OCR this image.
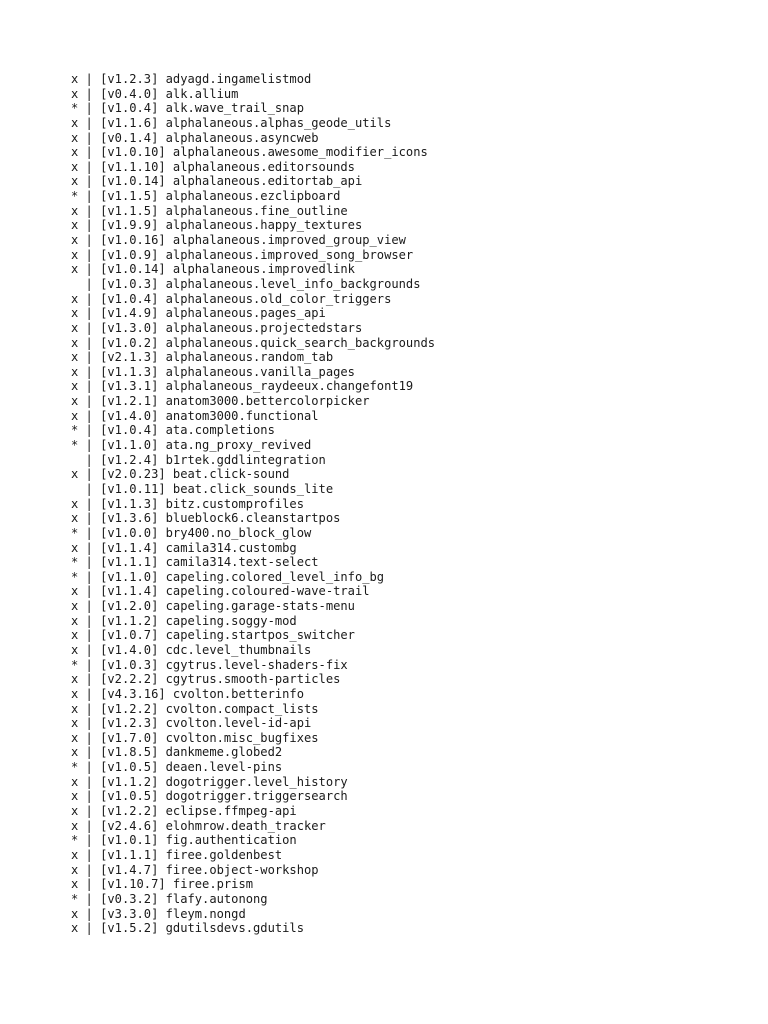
x | [v1.2.3] adyagd.ingamelistmod
x | [v0.4.0] alk.allium
* | [v1.0.4] alk.wave_trail_snap
x | [v1.1.6] alphalaneous.alphas_geode_utils
x | [v0.1.4] alphalaneous.asyncweb
x | [v1.0.10] alphalaneous.awesome_modifier_icons
x | [v1.1.10] alphalaneous.editorsounds
x | [v1.0.14] alphalaneous.editortab_api
* | [v1.1.5] alphalaneous.ezclipboard
x | [v1.1.5] alphalaneous.fine_outline
x | [v1.9.9] alphalaneous.happy_textures
x | [v1.0.16] alphalaneous.improved_group_view
x | [v1.0.9] alphalaneous.improved_song_browser
x | [v1.0.14] alphalaneous.improvedlink
| [v1.0.3] alphalaneous.level_info_backgrounds
x | [v1.0.4] alphalaneous.old_color_triggers
x | [v1.4.9] alphalaneous.pages_api
x | [v1.3.0] alphalaneous.projectedstars
x | [v1.0.2] alphalaneous.quick_search_backgrounds
x | [v2.1.3] alphalaneous.random_tab
x | [v1.1.3] alphalaneous.vanilla_pages
x | [v1.3.1] alphalaneous_raydeeux.changefont19
x | [v1.2.1] anatom3000.bettercolorpicker
x | [v1.4.0] anatom3000.functional
* | [v1.0.4] ata.completions
* | [v1.1.0] ata.ng_proxy_revived
| [v1.2.4] b1rtek.gddlintegration
x | [v2.0.23] beat.click-sound
| [v1.0.11] beat.click_sounds_lite
x | [v1.1.3] bitz.customprofiles
x | [v1.3.6] blueblock6.cleanstartpos
* | [v1.0.0] bry400.no_block_glow
x | [v1.1.4] camila314.custombg
* | [v1.1.1] camila314.text-select
* | [v1.1.0] capeling.colored_level_info_bg
x | [v1.1.4] capeling.coloured-wave-trail
x | [v1.2.0] capeling.garage-stats-menu
x | [v1.1.2] capeling.soggy-mod
x | [v1.0.7] capeling.startpos_switcher
x | [v1.4.0] cdc.level_thumbnails
* | [v1.0.3] cgytrus.level-shaders-fix
x | [v2.2.2] cgytrus.smooth-particles
x | [v4.3.16] cvolton.betterinfo
x | [v1.2.2] cvolton.compact_lists
x | [v1.2.3] cvolton.level-id-api
x | [v1.7.0] cvolton.misc_bugfixes
x | [v1.8.5] dankmeme.globed2
* | [v1.0.5] deaen.level-pins
x | [v1.1.2] dogotrigger.level_history
x | [v1.0.5] dogotrigger.triggersearch
x | [v1.2.2] eclipse.ffmpeg-api
x | [v2.4.6] elohmrow.death_tracker
* | [v1.0.1] fig.authentication
x | [v1.1.1] firee.goldenbest
x | [v1.4.7] firee.object-workshop
x | [v1.10.7] firee.prism
* | [v0.3.2] flafy.autonong
x | [v3.3.0] fleym.nongd
x | [v1.5.2] gdutilsdevs.gdutils
